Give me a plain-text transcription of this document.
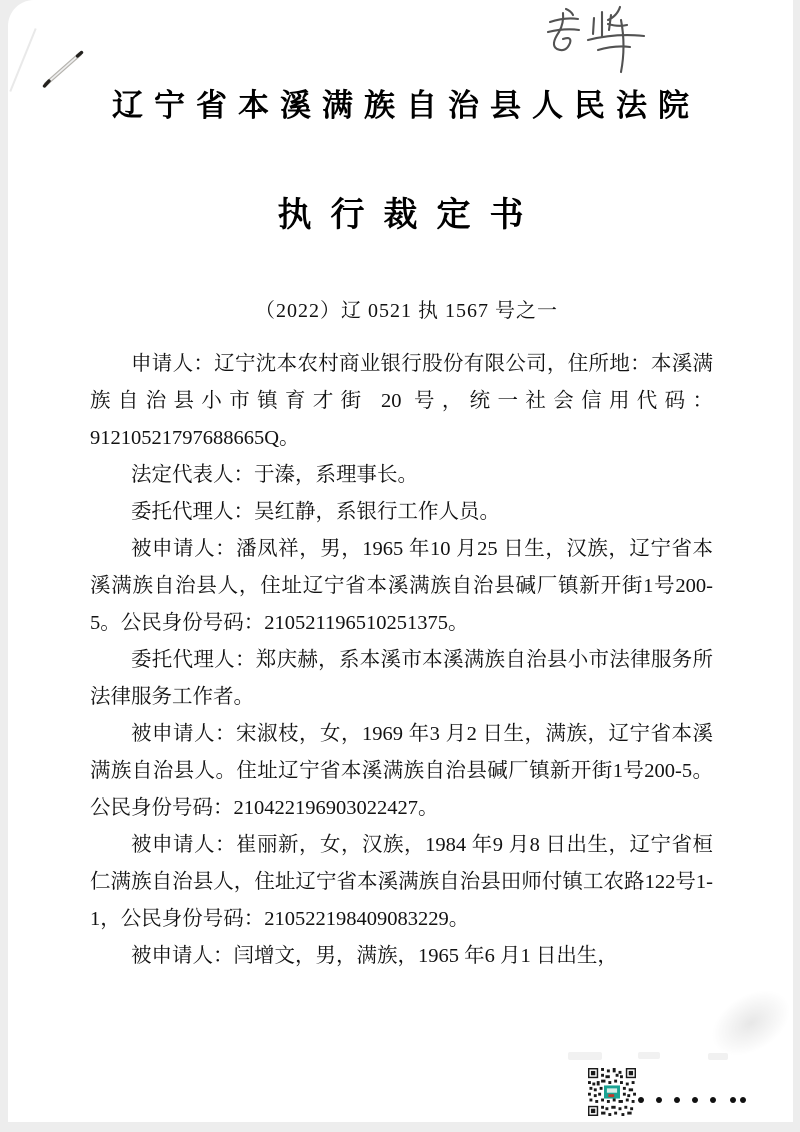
辽宁省本溪满族自治县人民法院
执行裁定书
（2022）辽 0521 执 1567 号之一

申请人：辽宁沈本农村商业银行股份有限公司，住所地：本溪满族自治县小市镇育才街 20 号，统一社会信用代码：91210521797688665Q。

法定代表人：于溱，系理事长。

委托代理人：吴红静，系银行工作人员。

被申请人：潘凤祥，男，1965 年10 月25 日生，汉族，辽宁省本溪满族自治县人，住址辽宁省本溪满族自治县碱厂镇新开街1号200-5。公民身份号码：210521196510251375。

委托代理人：郑庆赫，系本溪市本溪满族自治县小市法律服务所法律服务工作者。

被申请人：宋淑枝，女，1969 年3 月2 日生，满族，辽宁省本溪满族自治县人。住址辽宁省本溪满族自治县碱厂镇新开街1号200-5。公民身份号码：210422196903022427。

被申请人：崔丽新，女，汉族，1984 年9 月8 日出生，辽宁省桓仁满族自治县人，住址辽宁省本溪满族自治县田师付镇工农路122号1-1，公民身份号码：210522198409083229。

被申请人：闫增文，男，满族，1965 年6 月1 日出生，
